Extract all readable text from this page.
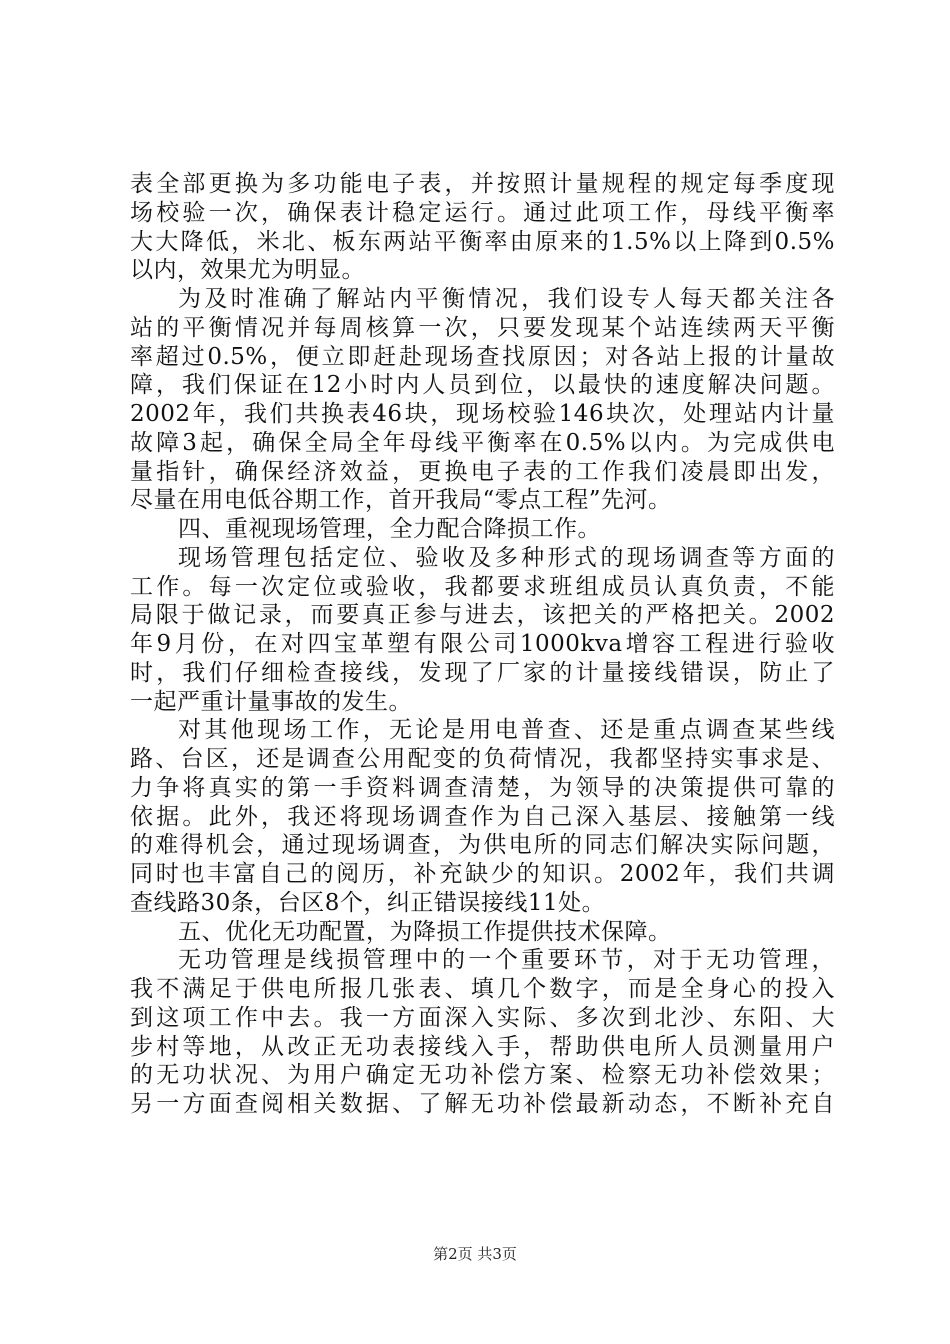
表全部更换为多功能电子表，并按照计量规程的规定每季度现
场校验一次，确保表计稳定运行。通过此项工作，母线平衡率
大大降低，米北、板东两站平衡率由原来的1.5%以上降到0.5%
以内，效果尤为明显。
为及时准确了解站内平衡情况，我们设专人每天都关注各
站的平衡情况并每周核算一次，只要发现某个站连续两天平衡
率超过0.5%，便立即赶赴现场查找原因；对各站上报的计量故
障，我们保证在12小时内人员到位，以最快的速度解决问题。
2002年，我们共换表46块，现场校验146块次，处理站内计量
故障3起，确保全局全年母线平衡率在0.5%以内。为完成供电
量指针，确保经济效益，更换电子表的工作我们凌晨即出发，
尽量在用电低谷期工作，首开我局“零点工程”先河。
四、重视现场管理，全力配合降损工作。
现场管理包括定位、验收及多种形式的现场调查等方面的
工作。每一次定位或验收，我都要求班组成员认真负责，不能
局限于做记录，而要真正参与进去，该把关的严格把关。2002
年9月份，在对四宝革塑有限公司1000kva增容工程进行验收
时，我们仔细检查接线，发现了厂家的计量接线错误，防止了
一起严重计量事故的发生。
对其他现场工作，无论是用电普查、还是重点调查某些线
路、台区，还是调查公用配变的负荷情况，我都坚持实事求是、
力争将真实的第一手资料调查清楚，为领导的决策提供可靠的
依据。此外，我还将现场调查作为自己深入基层、接触第一线
的难得机会，通过现场调查，为供电所的同志们解决实际问题，
同时也丰富自己的阅历，补充缺少的知识。2002年，我们共调
查线路30条，台区8个，纠正错误接线11处。
五、优化无功配置，为降损工作提供技术保障。
无功管理是线损管理中的一个重要环节，对于无功管理，
我不满足于供电所报几张表、填几个数字，而是全身心的投入
到这项工作中去。我一方面深入实际、多次到北沙、东阳、大
步村等地，从改正无功表接线入手，帮助供电所人员测量用户
的无功状况、为用户确定无功补偿方案、检察无功补偿效果；
另一方面查阅相关数据、了解无功补偿最新动态，不断补充自
第2页 共3页
